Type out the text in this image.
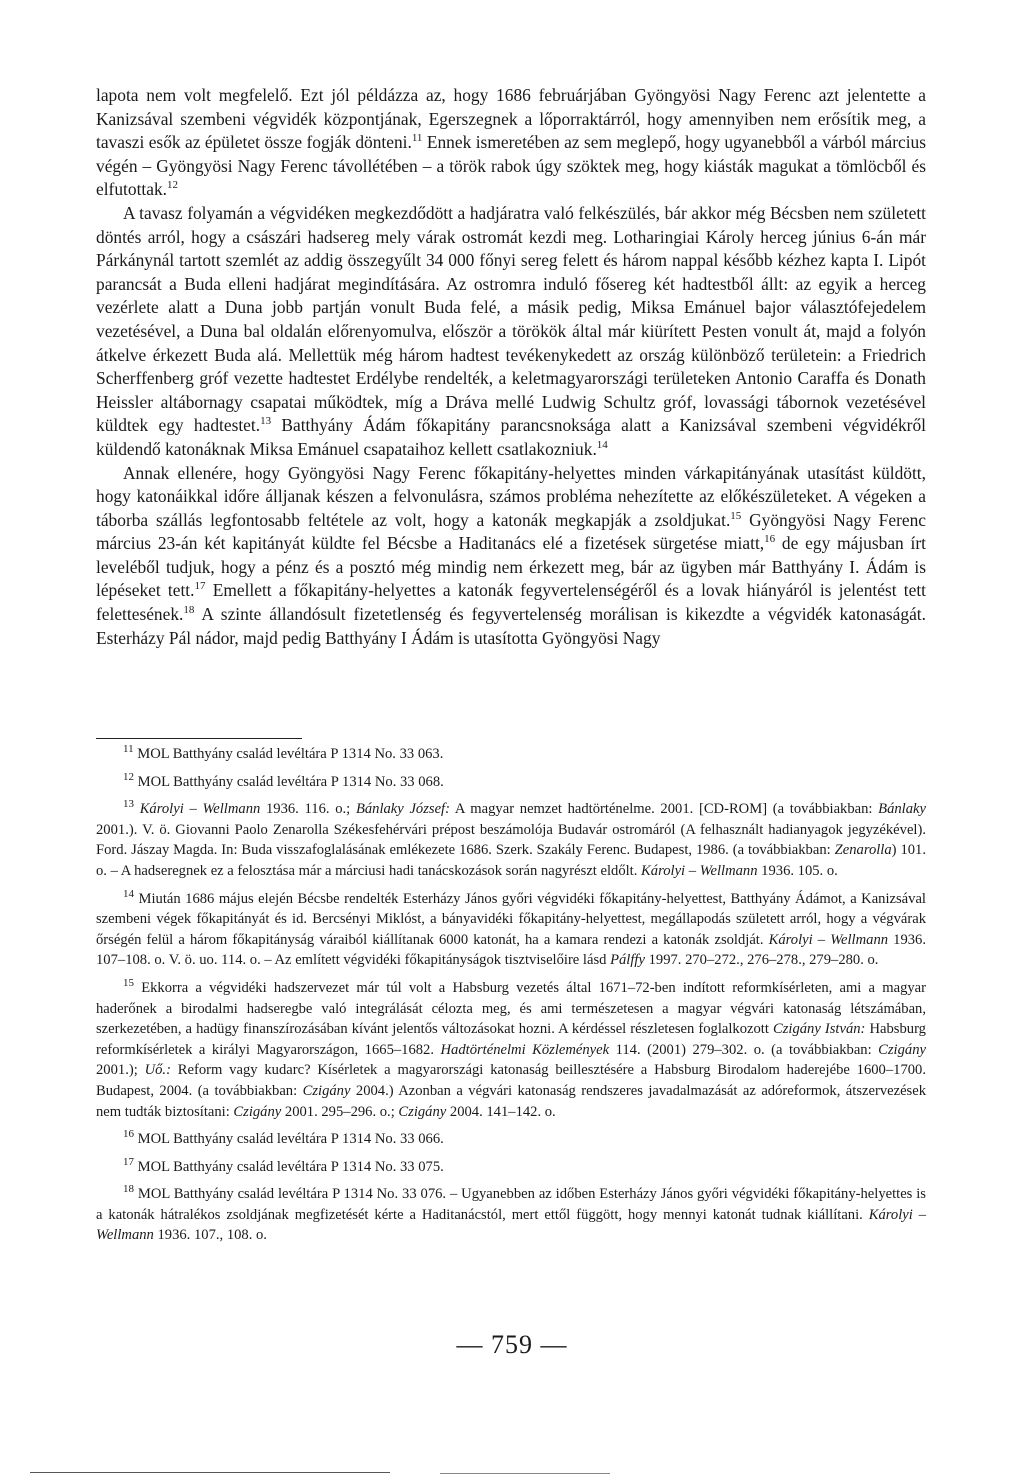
lapota nem volt megfelelő. Ezt jól példázza az, hogy 1686 februárjában Gyöngyösi Nagy Ferenc azt jelentette a Kanizsával szembeni végvidék központjának, Egerszegnek a lőporraktárról, hogy amennyiben nem erősítik meg, a tavaszi esők az épületet össze fogják dönteni.$^{11}$ Ennek ismeretében az sem meglepő, hogy ugyanebből a várból március végén – Gyöngyösi Nagy Ferenc távollétében – a török rabok úgy szöktek meg, hogy kiásták magukat a tömlöcből és elfutottak.$^{12}$

A tavasz folyamán a végvidéken megkezdődött a hadjáratra való felkészülés, bár akkor még Bécsben nem született döntés arról, hogy a császári hadsereg mely várak ostromát kezdi meg. Lotharingiai Károly herceg június 6-án már Párkánynál tartott szemlét az addig összegyűlt 34 000 főnyi sereg felett és három nappal később kézhez kapta I. Lipót parancsát a Buda elleni hadjárat megindítására. Az ostromra induló fősereg két hadtestből állt: az egyik a herceg vezérlete alatt a Duna jobb partján vonult Buda felé, a másik pedig, Miksa Emánuel bajor választófejedelem vezetésével, a Duna bal oldalán előrenyomulva, először a törökök által már kiürített Pesten vonult át, majd a folyón átkelve érkezett Buda alá. Mellettük még három hadtest tevékenykedett az ország különböző területein: a Friedrich Scherffenberg gróf vezette hadtestet Erdélybe rendelték, a keletmagyarországi területeken Antonio Caraffa és Donath Heissler altábornagy csapatai működtek, míg a Dráva mellé Ludwig Schultz gróf, lovassági tábornok vezetésével küldtek egy hadtestet.$^{13}$ Batthyány Ádám főkapitány parancsnoksága alatt a Kanizsával szembeni végvidékről küldendő katonáknak Miksa Emánuel csapataihoz kellett csatlakozniuk.$^{14}$

Annak ellenére, hogy Gyöngyösi Nagy Ferenc főkapitány-helyettes minden várkapitányának utasítást küldött, hogy katonáikkal időre álljanak készen a felvonulásra, számos probléma nehezítette az előkészületeket. A végeken a táborba szállás legfontosabb feltétele az volt, hogy a katonák megkapják a zsoldjukat.$^{15}$ Gyöngyösi Nagy Ferenc március 23-án két kapitányát küldte fel Bécsbe a Haditanács elé a fizetések sürgetése miatt,$^{16}$ de egy májusban írt leveléből tudjuk, hogy a pénz és a posztó még mindig nem érkezett meg, bár az ügyben már Batthyány I. Ádám is lépéseket tett.$^{17}$ Emellett a főkapitány-helyettes a katonák fegyvertelenségéről és a lovak hiányáról is jelentést tett felettesének.$^{18}$ A szinte állandósult fizetetlenség és fegyvertelenség morálisan is kikezdte a végvidék katonaságát. Esterházy Pál nádor, majd pedig Batthyány I Ádám is utasította Gyöngyösi Nagy

$^{11}$ MOL Batthyány család levéltára P 1314 No. 33 063.

$^{12}$ MOL Batthyány család levéltára P 1314 No. 33 068.

$^{13}$ Károlyi – Wellmann 1936. 116. o.; Bánlaky József: A magyar nemzet hadtörténelme. 2001. [CD-ROM] (a továbbiakban: Bánlaky 2001.). V. ö. Giovanni Paolo Zenarolla Székesfehérvári prépost beszámolója Budavár ostromáról (A felhasznált hadianyagok jegyzékével). Ford. Jászay Magda. In: Buda visszafoglalásának emlékezete 1686. Szerk. Szakály Ferenc. Budapest, 1986. (a továbbiakban: Zenarolla) 101. o. – A hadseregnek ez a felosztása már a márciusi hadi tanácskozások során nagyrészt eldőlt. Károlyi – Wellmann 1936. 105. o.

$^{14}$ Miután 1686 május elején Bécsbe rendelték Esterházy János győri végvidéki főkapitány-helyettest, Batthyány Ádámot, a Kanizsával szembeni végek főkapitányát és id. Bercsényi Miklóst, a bányavidéki főkapitány-helyettest, megállapodás született arról, hogy a végvárak őrségén felül a három főkapitányság váraiból kiállítanak 6000 katonát, ha a kamara rendezi a katonák zsoldját. Károlyi – Wellmann 1936. 107–108. o. V. ö. uo. 114. o. – Az említett végvidéki főkapitányságok tisztviselőire lásd Pálffy 1997. 270–272., 276–278., 279–280. o.

$^{15}$ Ekkorra a végvidéki hadszervezet már túl volt a Habsburg vezetés által 1671–72-ben indított reformkísérleten, ami a magyar haderőnek a birodalmi hadseregbe való integrálását célozta meg, és ami természetesen a magyar végvári katonaság létszámában, szerkezetében, a hadügy finanszírozásában kívánt jelentős változásokat hozni. A kérdéssel részletesen foglalkozott Czigány István: Habsburg reformkísérletek a királyi Magyarországon, 1665–1682. Hadtörténelmi Közlemények 114. (2001) 279–302. o. (a továbbiakban: Czigány 2001.); Uő.: Reform vagy kudarc? Kísérletek a magyarországi katonaság beillesztésére a Habsburg Birodalom haderejébe 1600–1700. Budapest, 2004. (a továbbiakban: Czigány 2004.) Azonban a végvári katonaság rendszeres javadalmazását az adóreformok, átszervezések nem tudták biztosítani: Czigány 2001. 295–296. o.; Czigány 2004. 141–142. o.

$^{16}$ MOL Batthyány család levéltára P 1314 No. 33 066.

$^{17}$ MOL Batthyány család levéltára P 1314 No. 33 075.

$^{18}$ MOL Batthyány család levéltára P 1314 No. 33 076. – Ugyanebben az időben Esterházy János győri végvidéki főkapitány-helyettes is a katonák hátralékos zsoldjának megfizetését kérte a Haditanácstól, mert ettől függött, hogy mennyi katonát tudnak kiállítani. Károlyi – Wellmann 1936. 107., 108. o.

— 759 —
